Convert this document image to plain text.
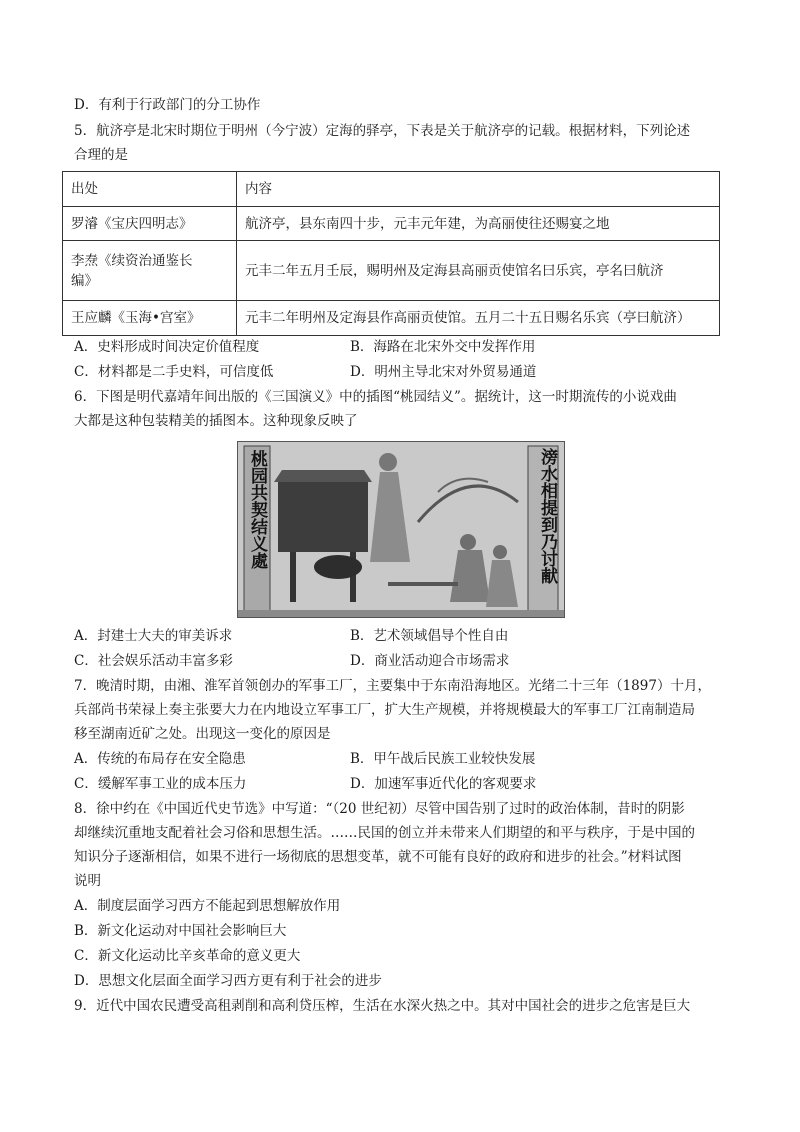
D．有利于行政部门的分工协作
5．航济亭是北宋时期位于明州（今宁波）定海的驿亭，下表是关于航济亭的记载。根据材料，下列论述
合理的是
出处	内容
罗濬《宝庆四明志》	航济亭，县东南四十步，元丰元年建，为高丽使往还赐宴之地
李焘《续资治通鉴长
编》	元丰二年五月壬辰，赐明州及定海县高丽贡使馆名曰乐宾，亭名曰航济
王应麟《玉海•宫室》	元丰二年明州及定海县作高丽贡使馆。五月二十五日赐名乐宾（亭曰航济）
A．史料形成时间决定价值程度	B．海路在北宋外交中发挥作用
C．材料都是二手史料，可信度低	D．明州主导北宋对外贸易通道
6．下图是明代嘉靖年间出版的《三国演义》中的插图“桃园结义”。据统计，这一时期流传的小说戏曲
大都是这种包装精美的插图本。这种现象反映了
桃园共契结义處	滂水相提到乃讨献
A．封建士大夫的审美诉求	B．艺术领域倡导个性自由
C．社会娱乐活动丰富多彩	D．商业活动迎合市场需求
7．晚清时期，由湘、淮军首领创办的军事工厂，主要集中于东南沿海地区。光绪二十三年（1897）十月，
兵部尚书荣禄上奏主张要大力在内地设立军事工厂，扩大生产规模，并将规模最大的军事工厂江南制造局
移至湖南近矿之处。出现这一变化的原因是
A．传统的布局存在安全隐患	B．甲午战后民族工业较快发展
C．缓解军事工业的成本压力	D．加速军事近代化的客观要求
8．徐中约在《中国近代史节选》中写道：“（20 世纪初）尽管中国告别了过时的政治体制，昔时的阴影
却继续沉重地支配着社会习俗和思想生活。……民国的创立并未带来人们期望的和平与秩序，于是中国的
知识分子逐渐相信，如果不进行一场彻底的思想变革，就不可能有良好的政府和进步的社会。”材料试图
说明
A．制度层面学习西方不能起到思想解放作用
B．新文化运动对中国社会影响巨大
C．新文化运动比辛亥革命的意义更大
D．思想文化层面全面学习西方更有利于社会的进步
9．近代中国农民遭受高租剥削和高利贷压榨，生活在水深火热之中。其对中国社会的进步之危害是巨大
